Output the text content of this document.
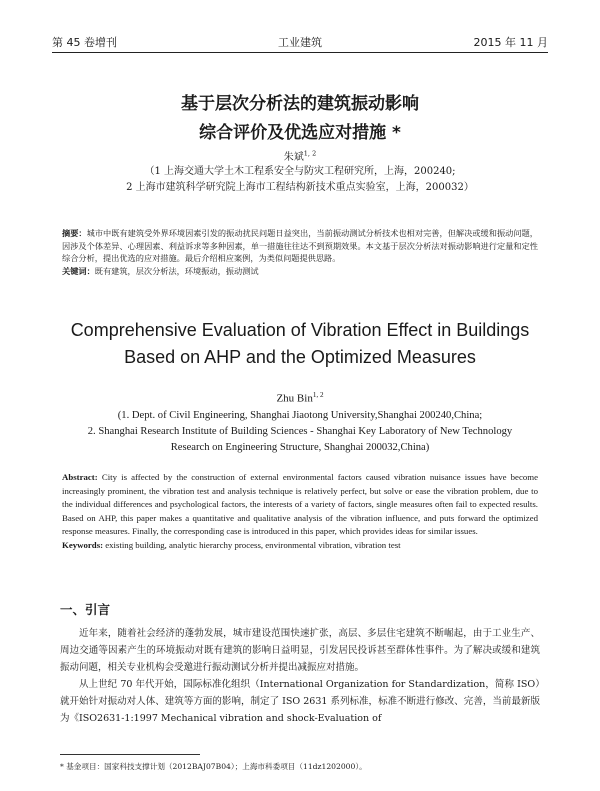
第 45 卷增刊	工业建筑	2015 年 11 月
基于层次分析法的建筑振动影响
综合评价及优选应对措施 *
朱斌$^{1, 2}$
（1 上海交通大学土木工程系安全与防灾工程研究所，上海，200240;
2 上海市建筑科学研究院上海市工程结构新技术重点实验室，上海，200032）
摘要：城市中既有建筑受外界环境因素引发的振动扰民问题日益突出，当前振动测试分析技术也相对完善，但解决或缓和振动问题，因涉及个体差异、心理因素、利益诉求等多种因素，单一措施往往达不到预期效果。本文基于层次分析法对振动影响进行定量和定性综合分析，提出优选的应对措施。最后介绍相应案例，为类似问题提供思路。
关键词：既有建筑，层次分析法，环境振动，振动测试
Comprehensive Evaluation of Vibration Effect in Buildings
Based on AHP and the Optimized Measures
Zhu Bin$^{1, 2}$
(1. Dept. of Civil Engineering, Shanghai Jiaotong University,Shanghai 200240,China;
2. Shanghai Research Institute of Building Sciences - Shanghai Key Laboratory of New Technology
Research on Engineering Structure, Shanghai 200032,China)
Abstract: City is affected by the construction of external environmental factors caused vibration nuisance issues have become increasingly prominent, the vibration test and analysis technique is relatively perfect, but solve or ease the vibration problem, due to the individual differences and psychological factors, the interests of a variety of factors, single measures often fail to expected results. Based on AHP, this paper makes a quantitative and qualitative analysis of the vibration influence, and puts forward the optimized response measures. Finally, the corresponding case is introduced in this paper, which provides ideas for similar issues.
Keywords: existing building, analytic hierarchy process, environmental vibration, vibration test
一、引言

近年来，随着社会经济的蓬勃发展，城市建设范围快速扩张，高层、多层住宅建筑不断崛起，由于工业生产、周边交通等因素产生的环境振动对既有建筑的影响日益明显，引发居民投诉甚至群体性事件。为了解决或缓和建筑振动问题，相关专业机构会受邀进行振动测试分析并提出减振应对措施。

从上世纪 70 年代开始，国际标准化组织（International Organization for Standardization，简称 ISO）就开始针对振动对人体、建筑等方面的影响，制定了 ISO 2631 系列标准，标准不断进行修改、完善，当前最新版为《ISO2631-1:1997 Mechanical vibration and shock-Evaluation of

* 基金项目：国家科技支撑计划（2012BAJ07B04）；上海市科委项目（11dz1202000）。
